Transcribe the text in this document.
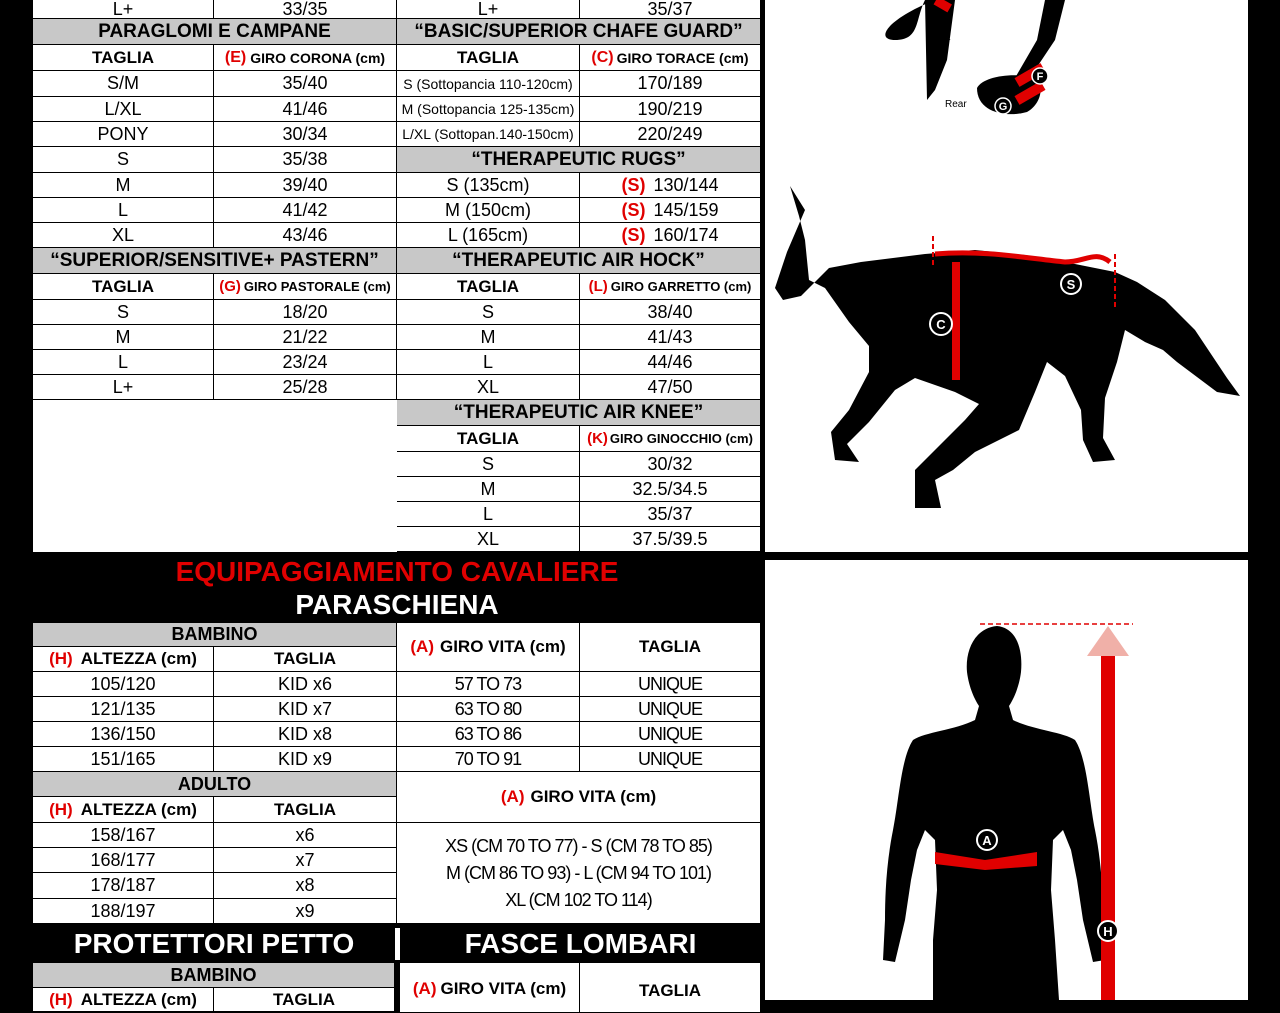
L+	33/35	L+	35/37
PARAGLOMI E CAMPANE
TAGLIA	(E) GIRO CORONA (cm)
S/M	35/40
L/XL	41/46
PONY	30/34
S	35/38
M	39/40
L	41/42
XL	43/46
“BASIC/SUPERIOR CHAFE GUARD”
TAGLIA	(C) GIRO TORACE (cm)
S (Sottopancia 110-120cm)	170/189
M (Sottopancia 125-135cm)	190/219
L/XL (Sottopan.140-150cm)	220/249
“THERAPEUTIC RUGS”
S (135cm)	(S) 130/144
M (150cm)	(S) 145/159
L (165cm)	(S) 160/174
“SUPERIOR/SENSITIVE+ PASTERN”
TAGLIA	(G) GIRO PASTORALE (cm)
S	18/20
M	21/22
L	23/24
L+	25/28
“THERAPEUTIC AIR HOCK”
TAGLIA	(L) GIRO GARRETTO (cm)
S	38/40
M	41/43
L	44/46
XL	47/50
“THERAPEUTIC AIR KNEE”
TAGLIA	(K) GIRO GINOCCHIO (cm)
S	30/32
M	32.5/34.5
L	35/37
XL	37.5/39.5
EQUIPAGGIAMENTO CAVALIERE
PARASCHIENA
BAMBINO
(H) ALTEZZA (cm)	TAGLIA
(A) GIRO VITA (cm)	TAGLIA
105/120	KID x6	57 TO 73	UNIQUE
121/135	KID x7	63 TO 80	UNIQUE
136/150	KID x8	63 TO 86	UNIQUE
151/165	KID x9	70 TO 91	UNIQUE
ADULTO
(H) ALTEZZA (cm)	TAGLIA
(A) GIRO VITA (cm)
XS (CM 70 TO 77) - S (CM 78 TO 85)
M (CM 86 TO 93) - L (CM 94 TO 101)
XL (CM 102 TO 114)
158/167	x6
168/177	x7
178/187	x8
188/197	x9
PROTETTORI PETTO	FASCE LOMBARI
BAMBINO
(H) ALTEZZA (cm)	TAGLIA
(A) GIRO VITA (cm)	TAGLIA
Front
F
G
Rear
S
C
A
H
